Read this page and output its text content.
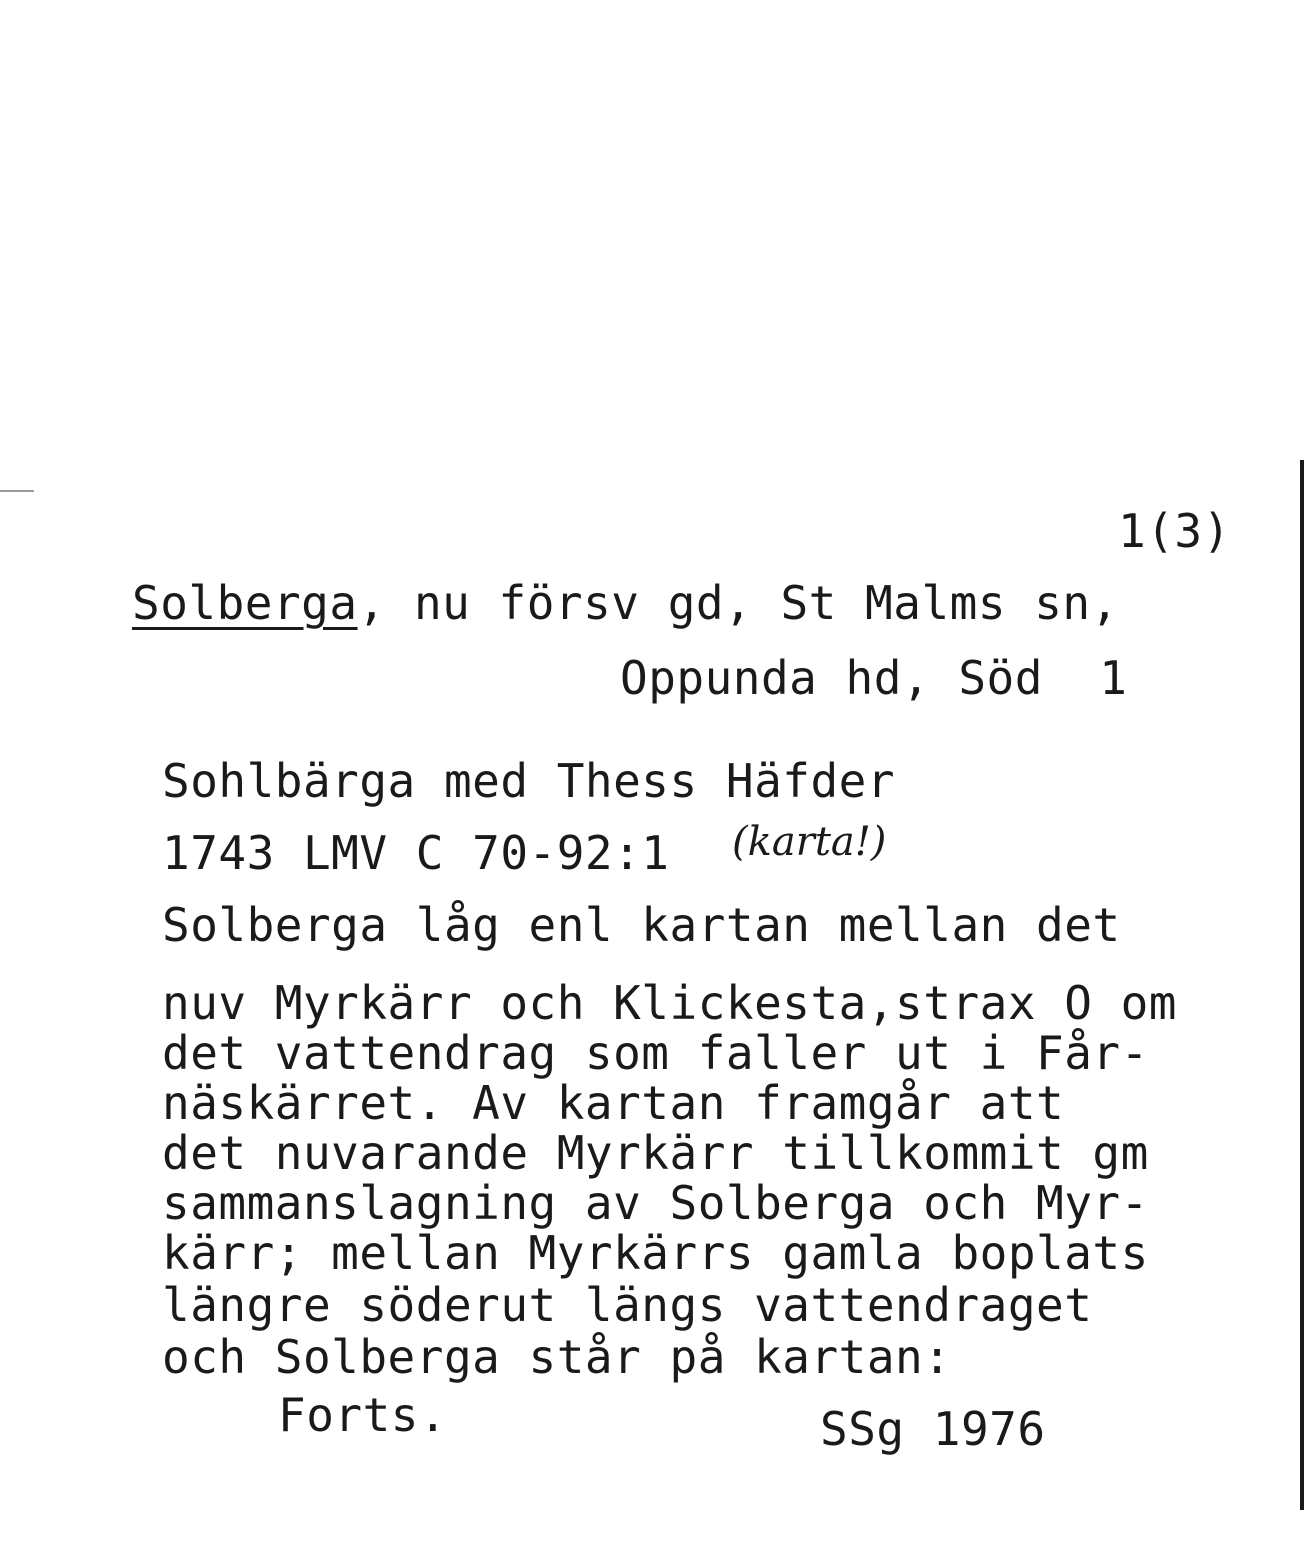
1(3)
Solberga, nu försv gd, St Malms sn,
Oppunda hd, Söd  1
Sohlbärga med Thess Häfder
1743 LMV C 70-92:1 (karta!)
Solberga låg enl kartan mellan det
nuv Myrkärr och Klickesta,strax O om
det vattendrag som faller ut i Får-
näskärret. Av kartan framgår att
det nuvarande Myrkärr tillkommit gm
sammanslagning av Solberga och Myr-
kärr; mellan Myrkärrs gamla boplats
längre söderut längs vattendraget
och Solberga står på kartan:
Forts.	SSg 1976
